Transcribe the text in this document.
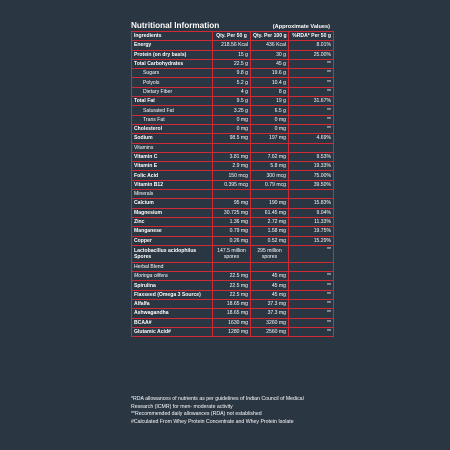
Nutritional Information	(Approximate Values)
Ingredients	Qty. Per 50 g	Qty. Per 100 g	%RDA* Per 50 g
Energy	218.56 Kcal	436 Kcal	8.01%
Protein (on dry basis)	15 g	30 g	25.00%
Total Carbohydrates	22.5 g	45 g	**
Sugars	9.8 g	19.6 g	**
Polyols	5.2 g	10.4 g	**
Dietary Fiber	4 g	8 g	**
Total Fat	9.5 g	19 g	31.67%
Saturated Fat	3.25 g	6.5 g	**
Trans Fat	0 mg	0 mg	**
Cholesterol	0 mg	0 mg	**
Sodium	98.5 mg	197 mg	4.69%
Vitamins			
Vitamin C	3.81 mg	7.62 mg	9.53%
Vitamin E	2.9 mg	5.8 mg	19.33%
Folic Acid	150 mcg	300 mcg	75.00%
Vitamin B12	0.395 mcg	0.79 mcg	39.50%
Minerals			
Calcium	95 mg	190 mg	15.83%
Magnesium	30.725 mg	61.45 mg	9.04%
Zinc	1.36 mg	2.72 mg	11.33%
Manganese	0.79 mg	1.58 mg	19.75%
Copper	0.26 mg	0.52 mg	15.29%
Lactobacillus acidophilus Spores	147.5 million spores	295 million spores	**
Herbal Blend			
Moringa oilfera	22.5 mg	45 mg	**
Spirulina	22.5 mg	45 mg	**
Flaxseed (Omega 3 Source)	22.5 mg	45 mg	**
Alfalfa	18.65 mg	37.3 mg	**
Ashwagandha	18.65 mg	37.3 mg	**
BCAA#	1630 mg	3260 mg	**
Glutamic Acid#	1280 mg	2560 mg	**
*RDA allowances of nutrients as per guidelines of Indian Council of Medical
Research (ICMR) for men- moderate activity
**Recommended daily allowances (RDA) not established
#Calculated From Whey Protein Concentrate and Whey Protein Isolate
